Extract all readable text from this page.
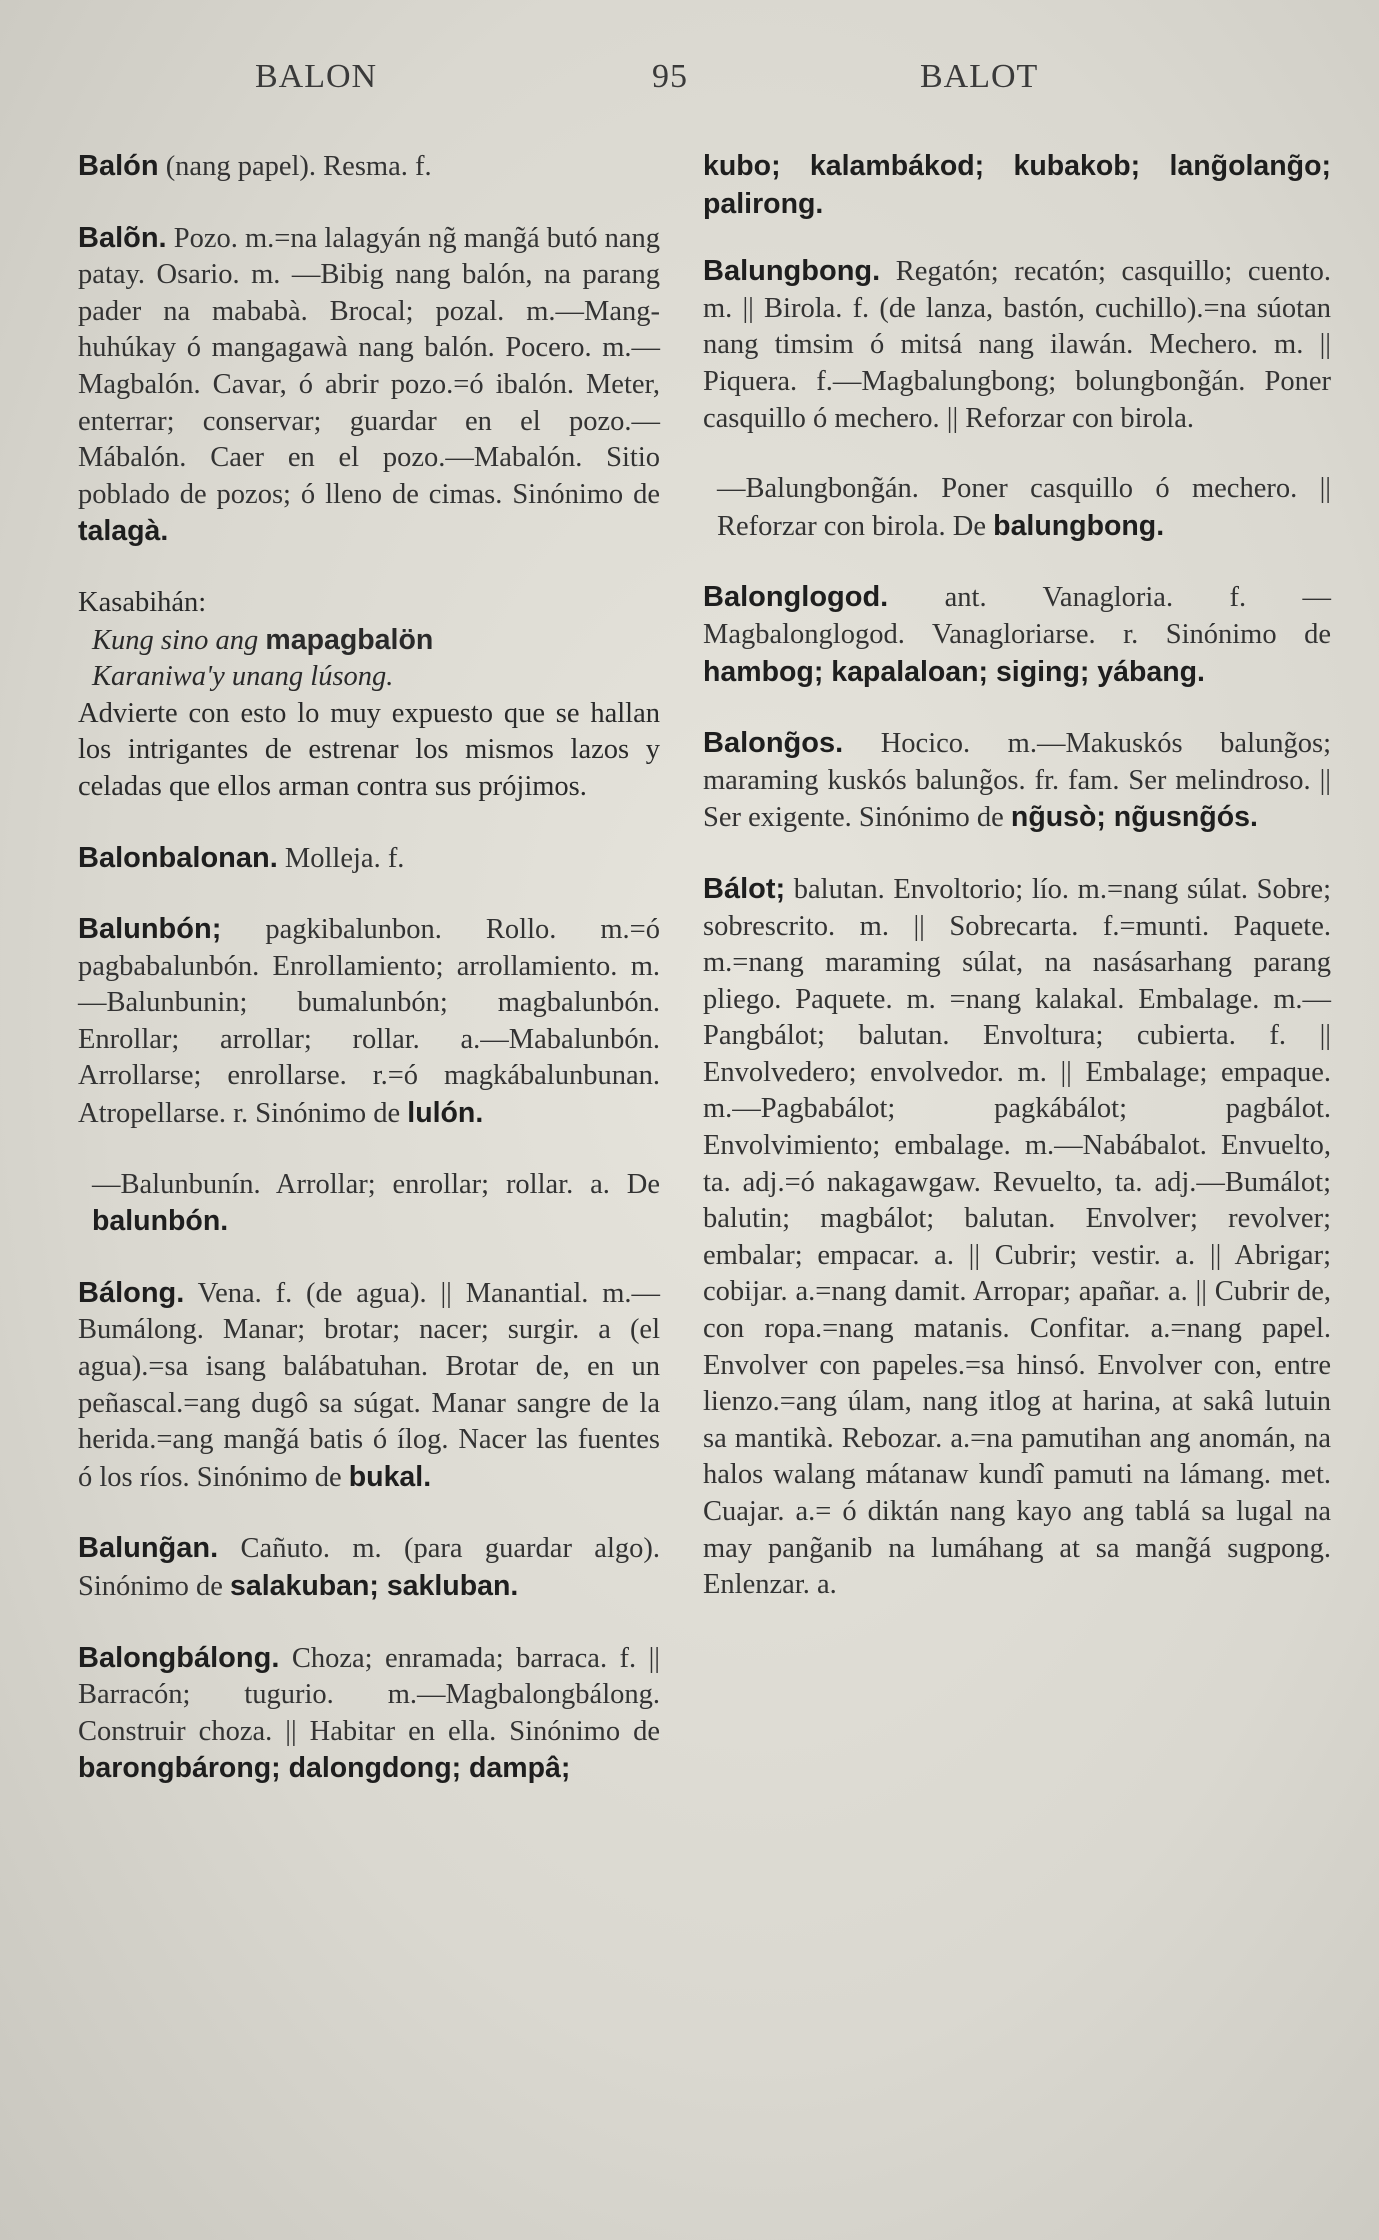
BALON	95	BALOT
Balón (nang papel). Resma. f.
Balõn. Pozo. m.=na lalagyán ng̃ mang̃á butó nang patay. Osario. m. —Bibig nang balón, na parang pader na mababà. Brocal; pozal. m.—Mang-huhúkay ó mangagawà nang balón. Pocero. m.—Magbalón. Cavar, ó abrir pozo.=ó ibalón. Meter, enterrar; conservar; guardar en el pozo.—Mábalón. Caer en el pozo.—Mabalón. Sitio poblado de pozos; ó lleno de cimas. Sinónimo de talagà.

Kasabihán:

Kung sino ang mapagbalön

Karaniwa'y unang lúsong.

Advierte con esto lo muy expuesto que se hallan los intrigantes de estrenar los mismos lazos y celadas que ellos arman contra sus prójimos.

Balonbalonan. Molleja. f.
Balunbón; pagkibalunbon. Rollo. m.=ó pagbabalunbón. Enrollamiento; arrollamiento. m.—Balunbunin; bumalunbón; magbalunbón. Enrollar; arrollar; rollar. a.—Mabalunbón. Arrollarse; enrollarse. r.=ó magkábalunbunan. Atropellarse. r. Sinónimo de lulón.
—Balunbunín. Arrollar; enrollar; rollar. a. De balunbón.
Bálong. Vena. f. (de agua). || Manantial. m.—Bumálong. Manar; brotar; nacer; surgir. a (el agua).=sa isang balábatuhan. Brotar de, en un peñascal.=ang dugô sa súgat. Manar sangre de la herida.=ang mang̃á batis ó ílog. Nacer las fuentes ó los ríos. Sinónimo de bukal.
Balung̃an. Cañuto. m. (para guardar algo). Sinónimo de salakuban; sakluban.
Balongbálong. Choza; enramada; barraca. f. || Barracón; tugurio. m.—Magbalongbálong. Construir choza. || Habitar en ella. Sinónimo de barongbárong; dalongdong; dampâ;
kubo; kalambákod; kubakob; lang̃olang̃o; palirong.
Balungbong. Regatón; recatón; casquillo; cuento. m. || Birola. f. (de lanza, bastón, cuchillo).=na súotan nang timsim ó mitsá nang ilawán. Mechero. m. || Piquera. f.—Magbalungbong; bolungbong̃án. Poner casquillo ó mechero. || Reforzar con birola.
—Balungbong̃án. Poner casquillo ó mechero. || Reforzar con birola. De balungbong.
Balonglogod. ant. Vanagloria. f. —Magbalonglogod. Vanagloriarse. r. Sinónimo de hambog; kapalaloan; siging; yábang.
Balong̃os. Hocico. m.—Makuskós balung̃os; maraming kuskós balung̃os. fr. fam. Ser melindroso. || Ser exigente. Sinónimo de ng̃usò; ng̃usng̃ós.
Bálot; balutan. Envoltorio; lío. m.=nang súlat. Sobre; sobrescrito. m. || Sobrecarta. f.=munti. Paquete. m.=nang maraming súlat, na nasásarhang parang pliego. Paquete. m. =nang kalakal. Embalage. m.—Pangbálot; balutan. Envoltura; cubierta. f. || Envolvedero; envolvedor. m. || Embalage; empaque. m.—Pagbabálot; pagkábálot; pagbálot. Envolvimiento; embalage. m.—Nabábalot. Envuelto, ta. adj.=ó nakagawgaw. Revuelto, ta. adj.—Bumálot; balutin; magbálot; balutan. Envolver; revolver; embalar; empacar. a. || Cubrir; vestir. a. || Abrigar; cobijar. a.=nang damit. Arropar; apañar. a. || Cubrir de, con ropa.=nang matanis. Confitar. a.=nang papel. Envolver con papeles.=sa hinsó. Envolver con, entre lienzo.=ang úlam, nang itlog at harina, at sakâ lutuin sa mantikà. Rebozar. a.=na pamutihan ang anomán, na halos walang mátanaw kundî pamuti na lámang. met. Cuajar. a.= ó diktán nang kayo ang tablá sa lugal na may pang̃anib na lumáhang at sa mang̃á sugpong. Enlenzar. a.
